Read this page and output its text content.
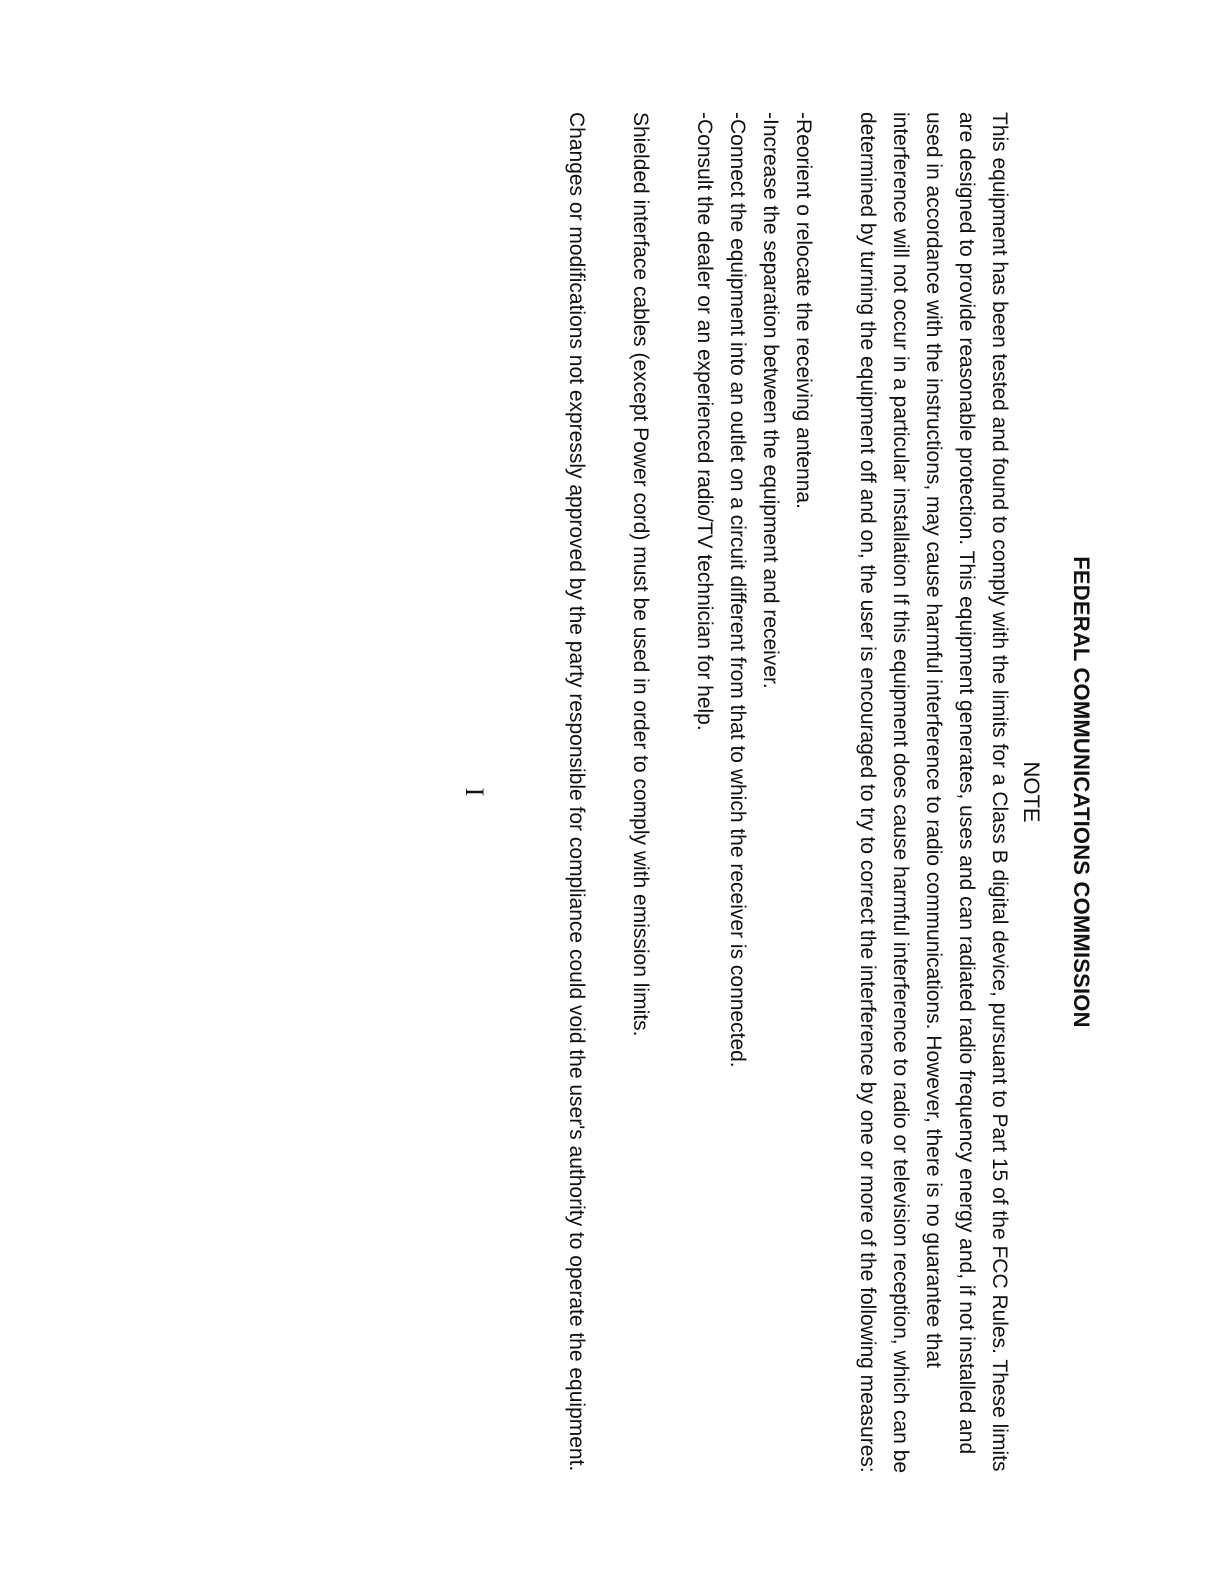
FEDERAL COMMUNICATIONS COMMISSION
NOTE

This equipment has been tested and found to comply with the limits for a Class B digital device, pursuant to Part 15 of the FCC Rules. These limits are designed to provide reasonable protection. This equipment generates, uses and can radiated radio frequency energy and, if not installed and used in accordance with the instructions, may cause harmful interference to radio communications. However, there is no guarantee that interference will not occur in a particular installation If this equipment does cause harmful interference to radio or television reception, which can be determined by turning the equipment off and on, the user is encouraged to try to correct the interference by one or more of the following measures:

-Reorient o relocate the receiving antenna.
-Increase the separation between the equipment and receiver.
-Connect the equipment into an outlet on a circuit different from that to which the receiver is connected.
-Consult the dealer or an experienced radio/TV technician for help.

Shielded interface cables (except Power cord) must be used in order to comply with emission limits.

Changes or modifications not expressly approved by the party responsible for compliance could void the user's authority to operate the equipment.

I
